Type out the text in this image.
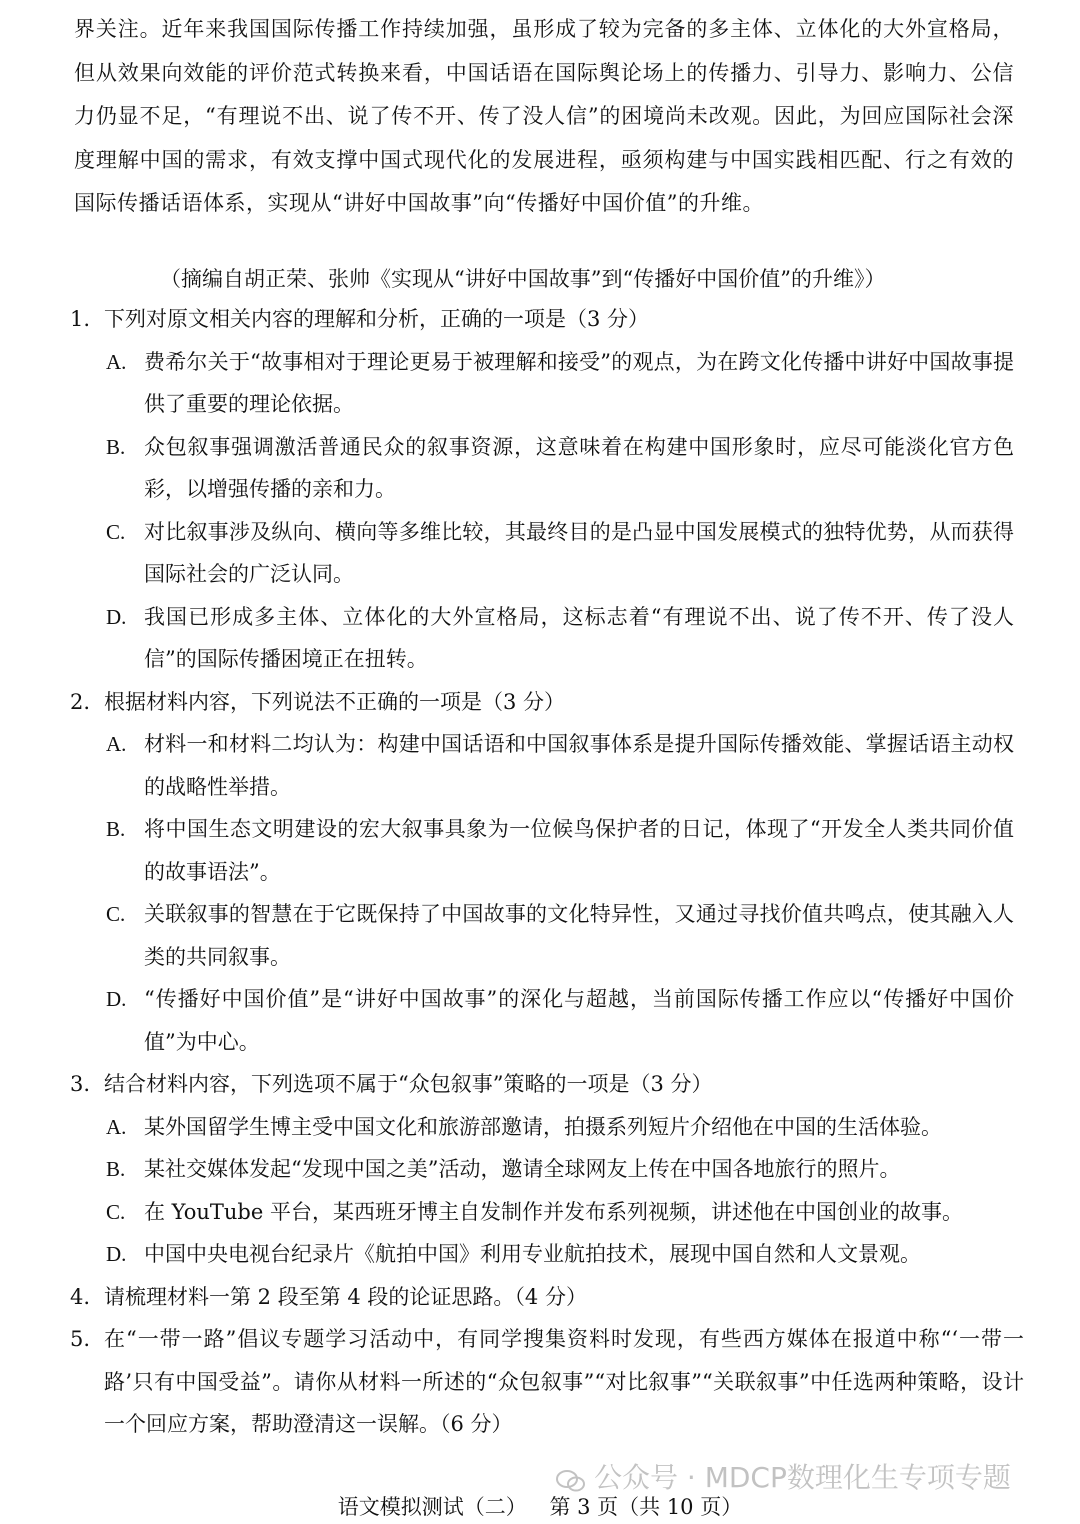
界关注。近年来我国国际传播工作持续加强，虽形成了较为完备的多主体、立体化的大外宣格局，但从效果向效能的评价范式转换来看，中国话语在国际舆论场上的传播力、引导力、影响力、公信力仍显不足，“有理说不出、说了传不开、传了没人信”的困境尚未改观。因此，为回应国际社会深度理解中国的需求，有效支撑中国式现代化的发展进程，亟须构建与中国实践相匹配、行之有效的国际传播话语体系，实现从“讲好中国故事”向“传播好中国价值”的升维。

（摘编自胡正荣、张帅《实现从“讲好中国故事”到“传播好中国价值”的升维》）

1. 下列对原文相关内容的理解和分析，正确的一项是（3 分）
A. 费希尔关于“故事相对于理论更易于被理解和接受”的观点，为在跨文化传播中讲好中国故事提供了重要的理论依据。
B. 众包叙事强调激活普通民众的叙事资源，这意味着在构建中国形象时，应尽可能淡化官方色彩，以增强传播的亲和力。
C. 对比叙事涉及纵向、横向等多维比较，其最终目的是凸显中国发展模式的独特优势，从而获得国际社会的广泛认同。
D. 我国已形成多主体、立体化的大外宣格局，这标志着“有理说不出、说了传不开、传了没人信”的国际传播困境正在扭转。
2. 根据材料内容，下列说法不正确的一项是（3 分）
A. 材料一和材料二均认为：构建中国话语和中国叙事体系是提升国际传播效能、掌握话语主动权的战略性举措。
B. 将中国生态文明建设的宏大叙事具象为一位候鸟保护者的日记，体现了“开发全人类共同价值的故事语法”。
C. 关联叙事的智慧在于它既保持了中国故事的文化特异性，又通过寻找价值共鸣点，使其融入人类的共同叙事。
D. “传播好中国价值”是“讲好中国故事”的深化与超越，当前国际传播工作应以“传播好中国价值”为中心。
3. 结合材料内容，下列选项不属于“众包叙事”策略的一项是（3 分）
A. 某外国留学生博主受中国文化和旅游部邀请，拍摄系列短片介绍他在中国的生活体验。
B. 某社交媒体发起“发现中国之美”活动，邀请全球网友上传在中国各地旅行的照片。
C. 在 YouTube 平台，某西班牙博主自发制作并发布系列视频，讲述他在中国创业的故事。
D. 中国中央电视台纪录片《航拍中国》利用专业航拍技术，展现中国自然和人文景观。
4. 请梳理材料一第 2 段至第 4 段的论证思路。（4 分）
5. 在“一带一路”倡议专题学习活动中，有同学搜集资料时发现，有些西方媒体在报道中称“‘一带一路’只有中国受益”。请你从材料一所述的“众包叙事”“对比叙事”“关联叙事”中任选两种策略，设计一个回应方案，帮助澄清这一误解。（6 分）
公众号 · MDCP数理化生专项专题
语文模拟测试（二） 第 3 页（共 10 页）
